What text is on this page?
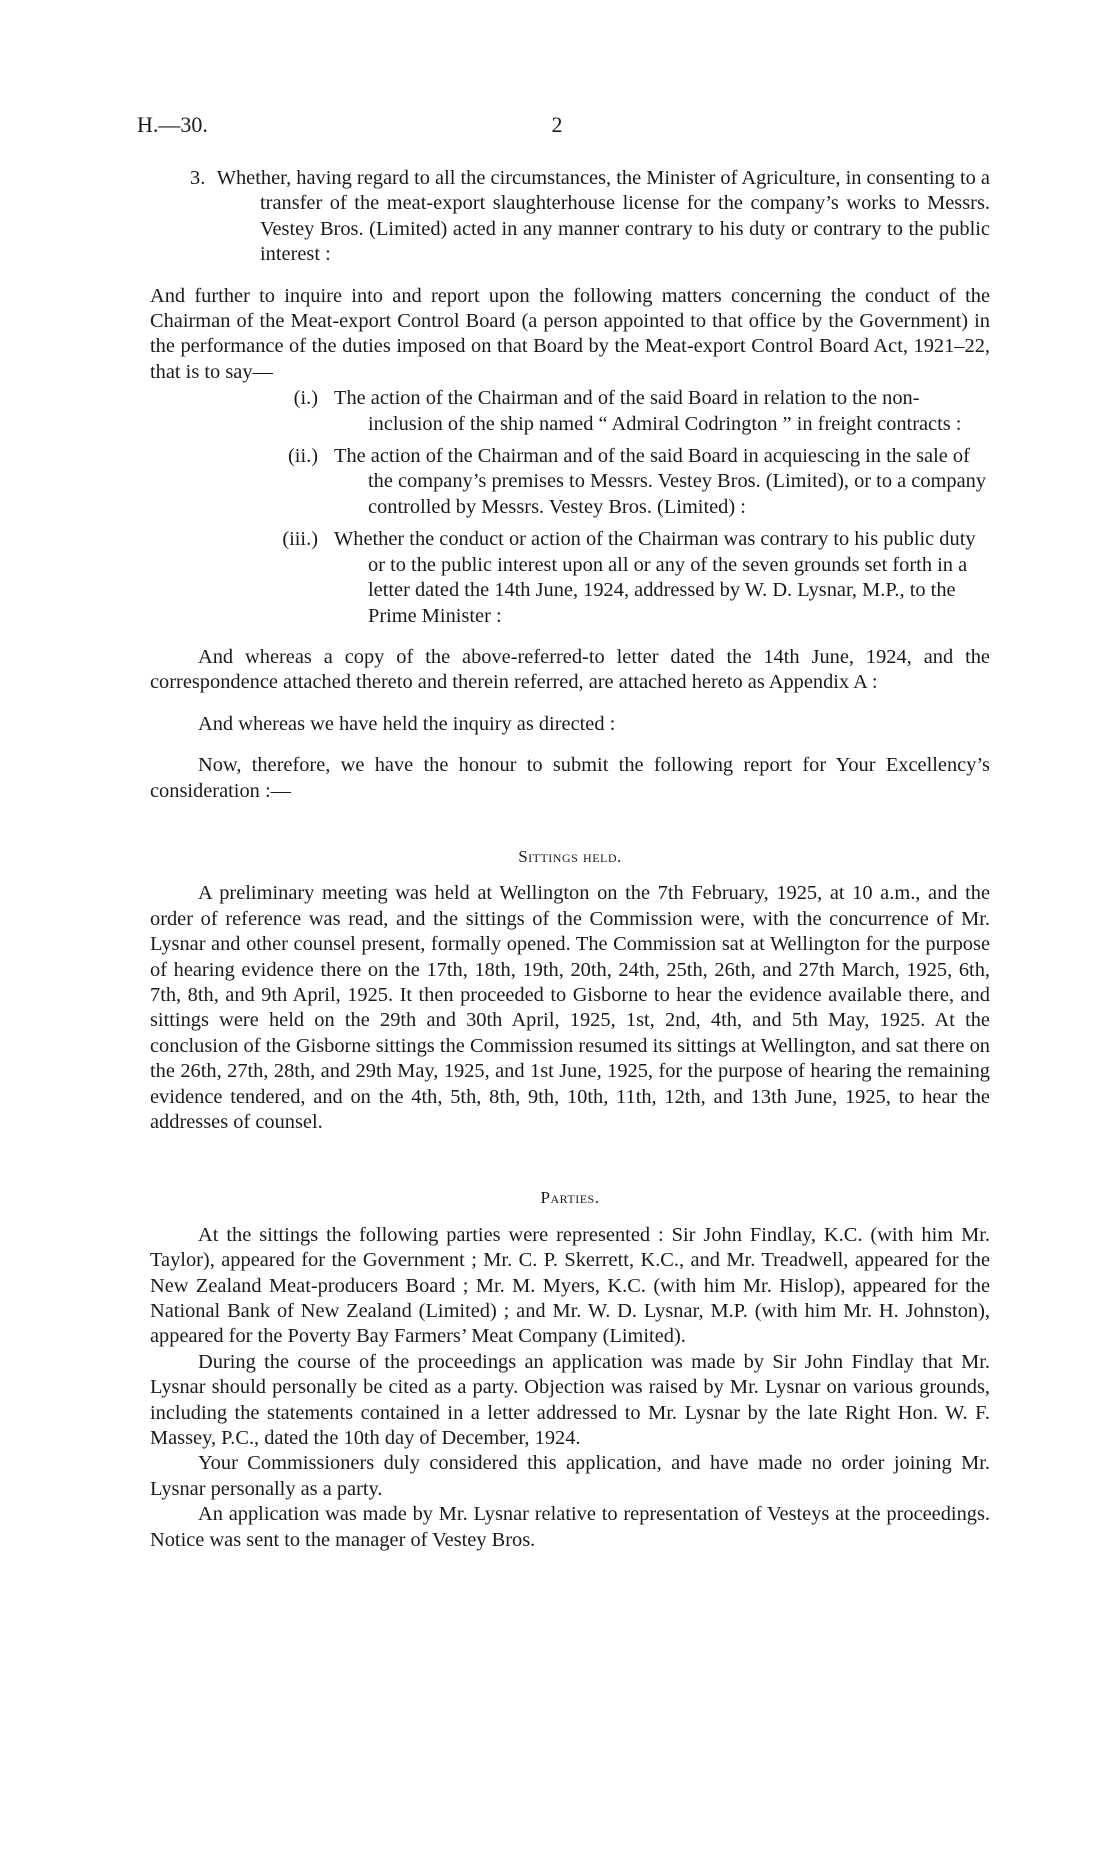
H.—30.	2

3. Whether, having regard to all the circumstances, the Minister of Agriculture, in consenting to a transfer of the meat-export slaughterhouse license for the company’s works to Messrs. Vestey Bros. (Limited) acted in any manner contrary to his duty or contrary to the public interest :

And further to inquire into and report upon the following matters concerning the conduct of the Chairman of the Meat-export Control Board (a person appointed to that office by the Government) in the performance of the duties imposed on that Board by the Meat-export Control Board Act, 1921–22, that is to say—

(i.) The action of the Chairman and of the said Board in relation to the non-inclusion of the ship named “ Admiral Codrington ” in freight contracts :
(ii.) The action of the Chairman and of the said Board in acquiescing in the sale of the company’s premises to Messrs. Vestey Bros. (Limited), or to a company controlled by Messrs. Vestey Bros. (Limited) :
(iii.) Whether the conduct or action of the Chairman was contrary to his public duty or to the public interest upon all or any of the seven grounds set forth in a letter dated the 14th June, 1924, addressed by W. D. Lysnar, M.P., to the Prime Minister :

And whereas a copy of the above-referred-to letter dated the 14th June, 1924, and the correspondence attached thereto and therein referred, are attached hereto as Appendix A :

And whereas we have held the inquiry as directed :

Now, therefore, we have the honour to submit the following report for Your Excellency’s consideration :—

Sittings held.

A preliminary meeting was held at Wellington on the 7th February, 1925, at 10 a.m., and the order of reference was read, and the sittings of the Commission were, with the concurrence of Mr. Lysnar and other counsel present, formally opened. The Commission sat at Wellington for the purpose of hearing evidence there on the 17th, 18th, 19th, 20th, 24th, 25th, 26th, and 27th March, 1925, 6th, 7th, 8th, and 9th April, 1925. It then proceeded to Gisborne to hear the evidence available there, and sittings were held on the 29th and 30th April, 1925, 1st, 2nd, 4th, and 5th May, 1925. At the conclusion of the Gisborne sittings the Commission resumed its sittings at Wellington, and sat there on the 26th, 27th, 28th, and 29th May, 1925, and 1st June, 1925, for the purpose of hearing the remaining evidence tendered, and on the 4th, 5th, 8th, 9th, 10th, 11th, 12th, and 13th June, 1925, to hear the addresses of counsel.

Parties.

At the sittings the following parties were represented : Sir John Findlay, K.C. (with him Mr. Taylor), appeared for the Government ; Mr. C. P. Skerrett, K.C., and Mr. Treadwell, appeared for the New Zealand Meat-producers Board ; Mr. M. Myers, K.C. (with him Mr. Hislop), appeared for the National Bank of New Zealand (Limited) ; and Mr. W. D. Lysnar, M.P. (with him Mr. H. Johnston), appeared for the Poverty Bay Farmers’ Meat Company (Limited).

During the course of the proceedings an application was made by Sir John Findlay that Mr. Lysnar should personally be cited as a party. Objection was raised by Mr. Lysnar on various grounds, including the statements contained in a letter addressed to Mr. Lysnar by the late Right Hon. W. F. Massey, P.C., dated the 10th day of December, 1924.

Your Commissioners duly considered this application, and have made no order joining Mr. Lysnar personally as a party.

An application was made by Mr. Lysnar relative to representation of Vesteys at the proceedings. Notice was sent to the manager of Vestey Bros.
